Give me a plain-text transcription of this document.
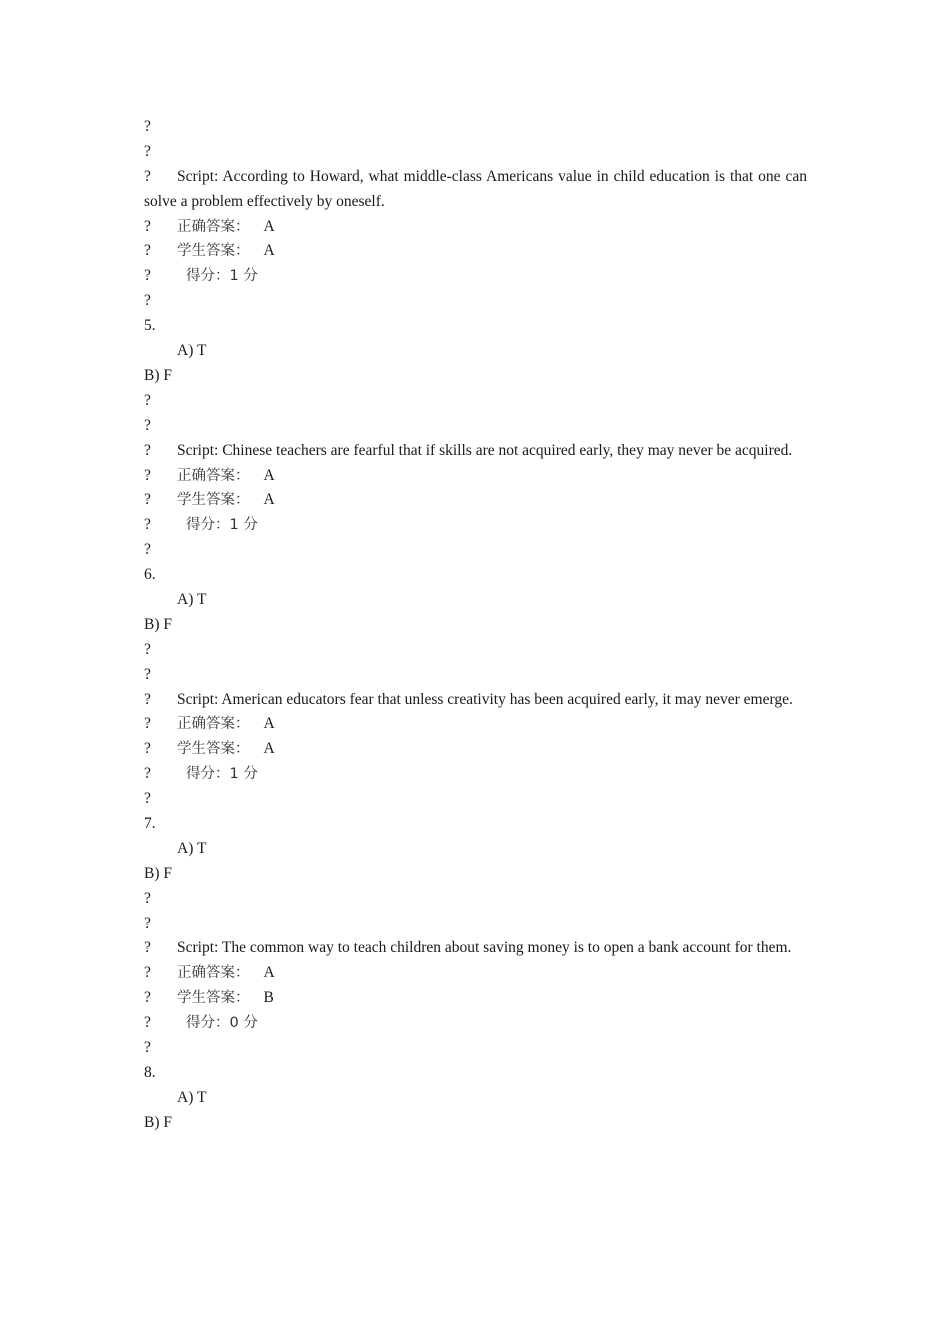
?
?
? Script: According to Howard, what middle-class Americans value in child education is that one can solve a problem effectively by oneself.
? 正确答案： A
? 学生答案： A
? 得分：1 分
?
5.
A) T
B) F
?
?
? Script: Chinese teachers are fearful that if skills are not acquired early, they may never be acquired.
? 正确答案： A
? 学生答案： A
? 得分：1 分
?
6.
A) T
B) F
?
?
? Script: American educators fear that unless creativity has been acquired early, it may never emerge.
? 正确答案： A
? 学生答案： A
? 得分：1 分
?
7.
A) T
B) F
?
?
? Script: The common way to teach children about saving money is to open a bank account for them.
? 正确答案： A
? 学生答案： B
? 得分：0 分
?
8.
A) T
B) F
